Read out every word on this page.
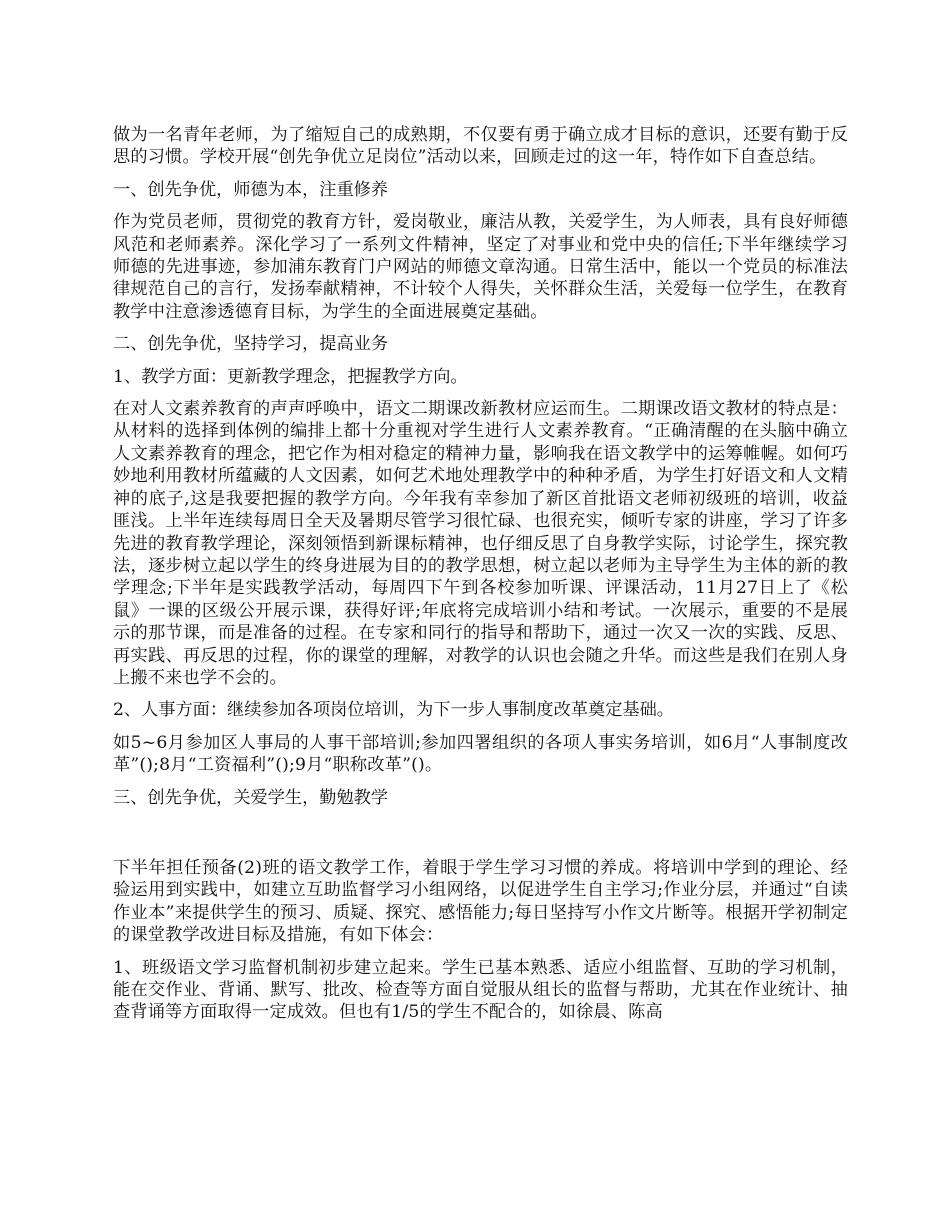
做为一名青年老师，为了缩短自己的成熟期，不仅要有勇于确立成才目标的意识，还要有勤于反思的习惯。学校开展“创先争优立足岗位”活动以来，回顾走过的这一年，特作如下自查总结。

一、创先争优，师德为本，注重修养

作为党员老师，贯彻党的教育方针，爱岗敬业，廉洁从教，关爱学生，为人师表，具有良好师德风范和老师素养。深化学习了一系列文件精神，坚定了对事业和党中央的信任;下半年继续学习师德的先进事迹，参加浦东教育门户网站的师德文章沟通。日常生活中，能以一个党员的标准法律规范自己的言行，发扬奉献精神，不计较个人得失，关怀群众生活，关爱每一位学生，在教育教学中注意渗透德育目标，为学生的全面进展奠定基础。

二、创先争优，坚持学习，提高业务

1、教学方面：更新教学理念，把握教学方向。

在对人文素养教育的声声呼唤中，语文二期课改新教材应运而生。二期课改语文教材的特点是：从材料的选择到体例的编排上都十分重视对学生进行人文素养教育。“正确清醒的在头脑中确立人文素养教育的理念，把它作为相对稳定的精神力量，影响我在语文教学中的运筹帷幄。如何巧妙地利用教材所蕴藏的人文因素，如何艺术地处理教学中的种种矛盾，为学生打好语文和人文精神的底子,这是我要把握的教学方向。今年我有幸参加了新区首批语文老师初级班的培训，收益匪浅。上半年连续每周日全天及暑期尽管学习很忙碌、也很充实，倾听专家的讲座，学习了许多先进的教育教学理论，深刻领悟到新课标精神，也仔细反思了自身教学实际，讨论学生，探究教法，逐步树立起以学生的终身进展为目的的教学思想，树立起以老师为主导学生为主体的新的教学理念;下半年是实践教学活动，每周四下午到各校参加听课、评课活动，11月27日上了《松鼠》一课的区级公开展示课，获得好评;年底将完成培训小结和考试。一次展示，重要的不是展示的那节课，而是准备的过程。在专家和同行的指导和帮助下，通过一次又一次的实践、反思、再实践、再反思的过程，你的课堂的理解，对教学的认识也会随之升华。而这些是我们在别人身上搬不来也学不会的。

2、人事方面：继续参加各项岗位培训，为下一步人事制度改革奠定基础。

如5~6月参加区人事局的人事干部培训;参加四署组织的各项人事实务培训，如6月“人事制度改革”();8月“工资福利”();9月“职称改革”()。

三、创先争优，关爱学生，勤勉教学

下半年担任预备(2)班的语文教学工作，着眼于学生学习习惯的养成。将培训中学到的理论、经验运用到实践中，如建立互助监督学习小组网络，以促进学生自主学习;作业分层，并通过“自读作业本”来提供学生的预习、质疑、探究、感悟能力;每日坚持写小作文片断等。根据开学初制定的课堂教学改进目标及措施，有如下体会：

1、班级语文学习监督机制初步建立起来。学生已基本熟悉、适应小组监督、互助的学习机制，能在交作业、背诵、默写、批改、检查等方面自觉服从组长的监督与帮助，尤其在作业统计、抽查背诵等方面取得一定成效。但也有1/5的学生不配合的，如徐晨、陈高
